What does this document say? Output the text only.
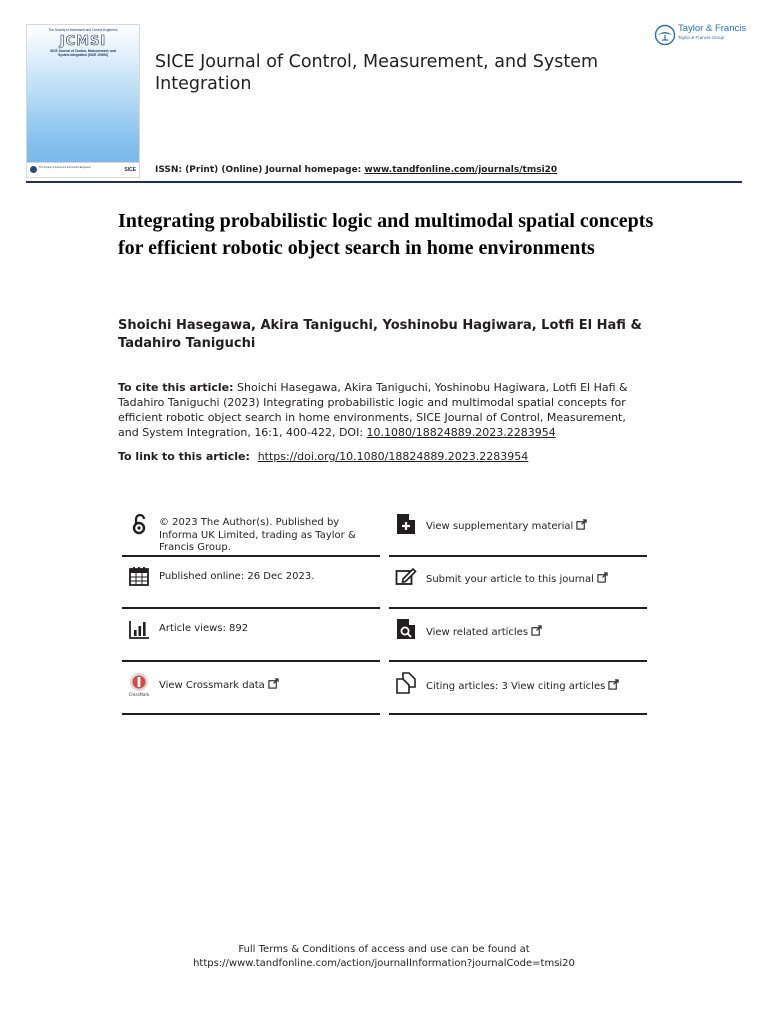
The Society of Instrument and Control Engineers
JCMSI
SICE Journal of Control, Measurement, and
System Integration (SICE JCMSI)
The Society of Instrument and Control Engineers	SICE
SICE Journal of Control, Measurement, and System Integration
ISSN: (Print) (Online) Journal homepage: www.tandfonline.com/journals/tmsi20
Taylor & Francis
Taylor & Francis Group
Integrating probabilistic logic and multimodal spatial concepts for efficient robotic object search in home environments
Shoichi Hasegawa, Akira Taniguchi, Yoshinobu Hagiwara, Lotfi El Hafi & Tadahiro Taniguchi
To cite this article: Shoichi Hasegawa, Akira Taniguchi, Yoshinobu Hagiwara, Lotfi El Hafi & Tadahiro Taniguchi (2023) Integrating probabilistic logic and multimodal spatial concepts for efficient robotic object search in home environments, SICE Journal of Control, Measurement, and System Integration, 16:1, 400-422, DOI: 10.1080/18824889.2023.2283954
To link to this article: https://doi.org/10.1080/18824889.2023.2283954
© 2023 The Author(s). Published by Informa UK Limited, trading as Taylor & Francis Group.
Published online: 26 Dec 2023.
Article views: 892
CrossMark
View Crossmark data
View supplementary material
Submit your article to this journal
View related articles
Citing articles: 3 View citing articles
Full Terms & Conditions of access and use can be found at
https://www.tandfonline.com/action/journalInformation?journalCode=tmsi20
